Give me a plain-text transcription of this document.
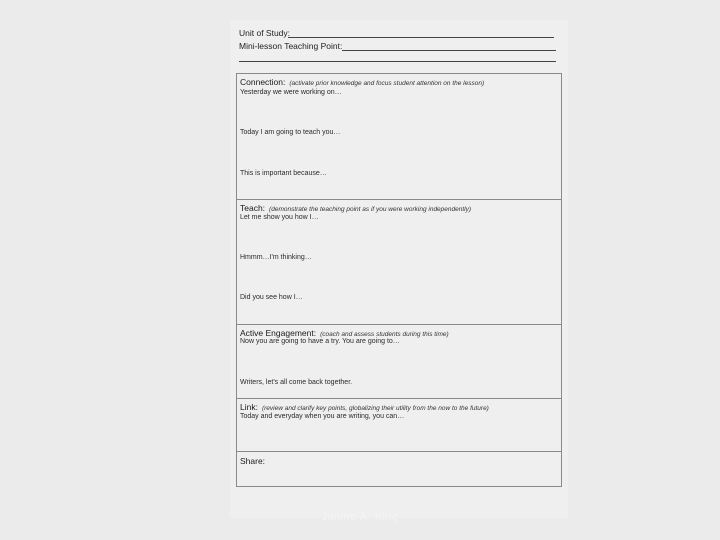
Unit of Study:
Mini-lesson Teaching Point:
Connection: (activate prior knowledge and focus student attention on the lesson)
Yesterday we were working on…
Today I am going to teach you…
This is important because…
Teach: (demonstrate the teaching point as if you were working independently)
Let me show you how I…
Hmmm…I'm thinking…
Did you see how I…
Active Engagement: (coach and assess students during this time)
Now you are going to have a try. You are going to…
Writers, let's all come back together.
Link: (review and clarify key points, globalizing their utility from the now to the future)
Today and everyday when you are writing, you can…
Share:
Janine A. King
